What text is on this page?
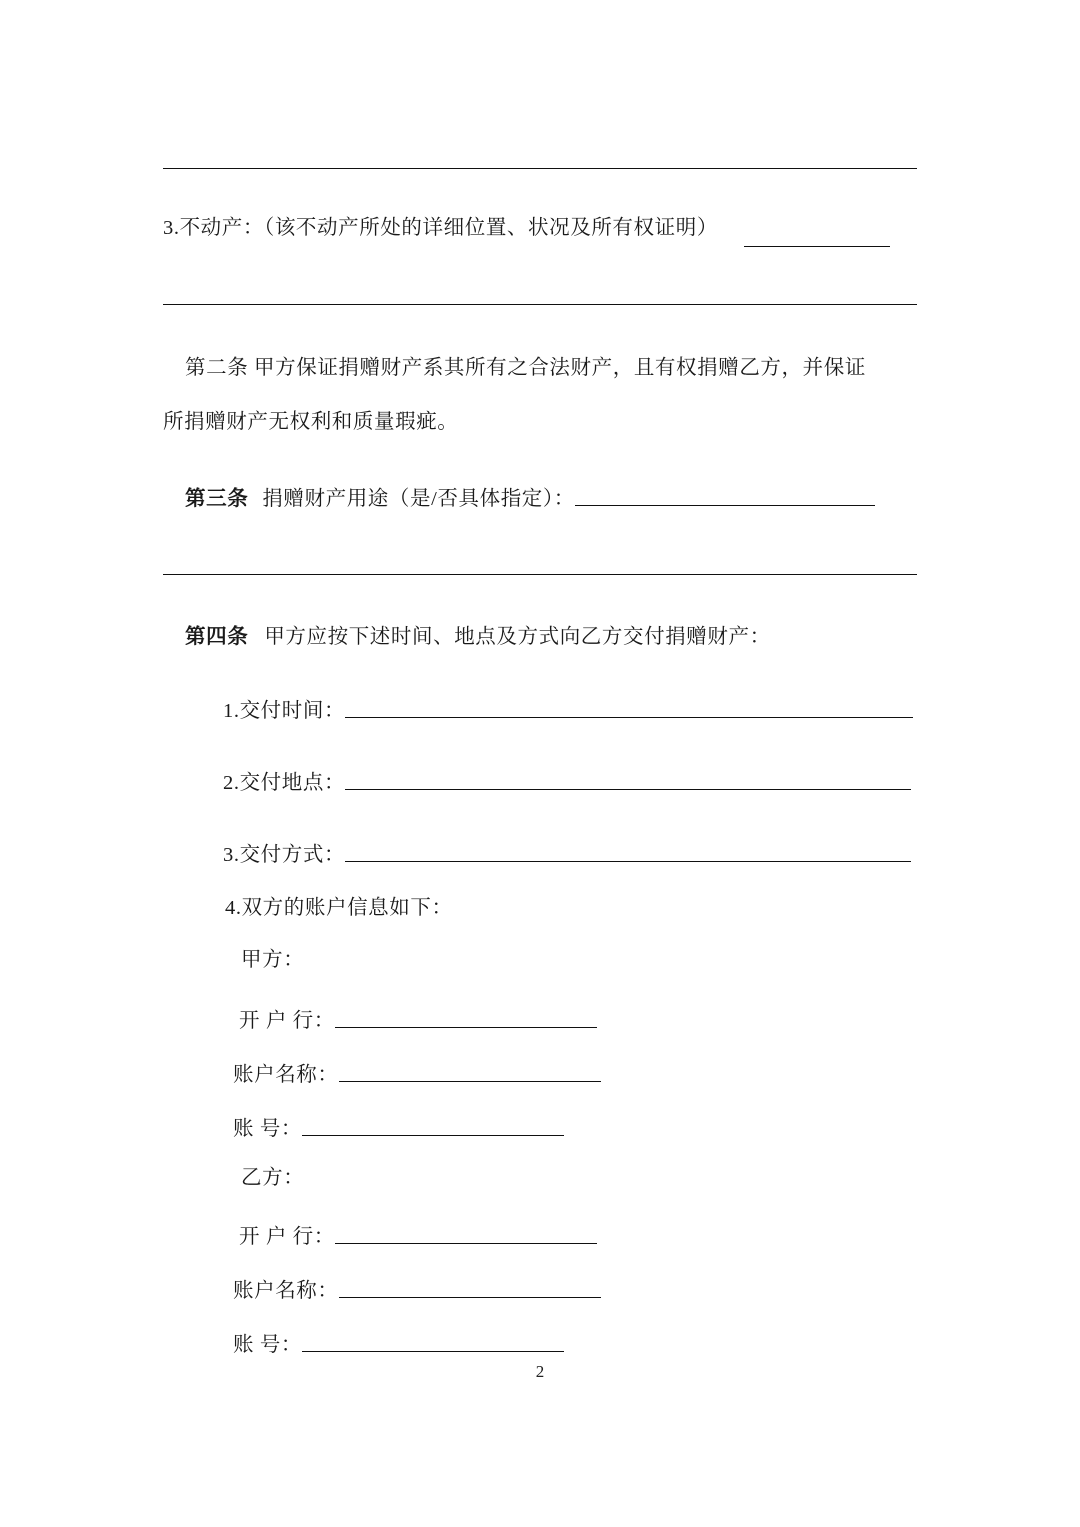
3.不动产：（该不动产所处的详细位置、状况及所有权证明）
第二条 甲方保证捐赠财产系其所有之合法财产，且有权捐赠乙方，并保证
所捐赠财产无权利和质量瑕疵。
第三条 捐赠财产用途（是/否具体指定）：
第四条 甲方应按下述时间、地点及方式向乙方交付捐赠财产：
1.交付时间：
2.交付地点：
3.交付方式：
4.双方的账户信息如下：
甲方：
开 户 行：
账户名称：
账 号：
乙方：
开 户 行：
账户名称：
账 号：
2
